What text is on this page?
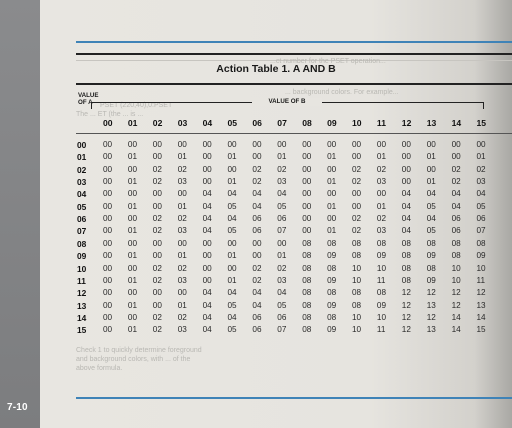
7-10
...ct number for the PSET operation...
PSET (220,40),0:PSET
The ... ET (the ... is ...
... background colors. For example...
Check 1 to quickly determine foreground
and background colors, with ... of the
above formula.
Action Table 1. A AND B
VALUE
OF A	VALUE OF B
00 01 02 03 04 05 06 07 08 09 10 11 12 13 14 15
00 00 00 00 00 00 00 00 00 00 00 00 00 00 00 00 00
01 00 01 00 01 00 01 00 01 00 01 00 01 00 01 00 01
02 00 00 02 02 00 00 02 02 00 00 02 02 00 00 02 02
03 00 01 02 03 00 01 02 03 00 01 02 03 00 01 02 03
04 00 00 00 00 04 04 04 04 00 00 00 00 04 04 04 04
05 00 01 00 01 04 05 04 05 00 01 00 01 04 05 04 05
06 00 00 02 02 04 04 06 06 00 00 02 02 04 04 06 06
07 00 01 02 03 04 05 06 07 00 01 02 03 04 05 06 07
08 00 00 00 00 00 00 00 00 08 08 08 08 08 08 08 08
09 00 01 00 01 00 01 00 01 08 09 08 09 08 09 08 09
10 00 00 02 02 00 00 02 02 08 08 10 10 08 08 10 10
11 00 01 02 03 00 01 02 03 08 09 10 11 08 09 10 11
12 00 00 00 00 04 04 04 04 08 08 08 08 12 12 12 12
13 00 01 00 01 04 05 04 05 08 09 08 09 12 13 12 13
14 00 00 02 02 04 04 06 06 08 08 10 10 12 12 14 14
15 00 01 02 03 04 05 06 07 08 09 10 11 12 13 14 15
